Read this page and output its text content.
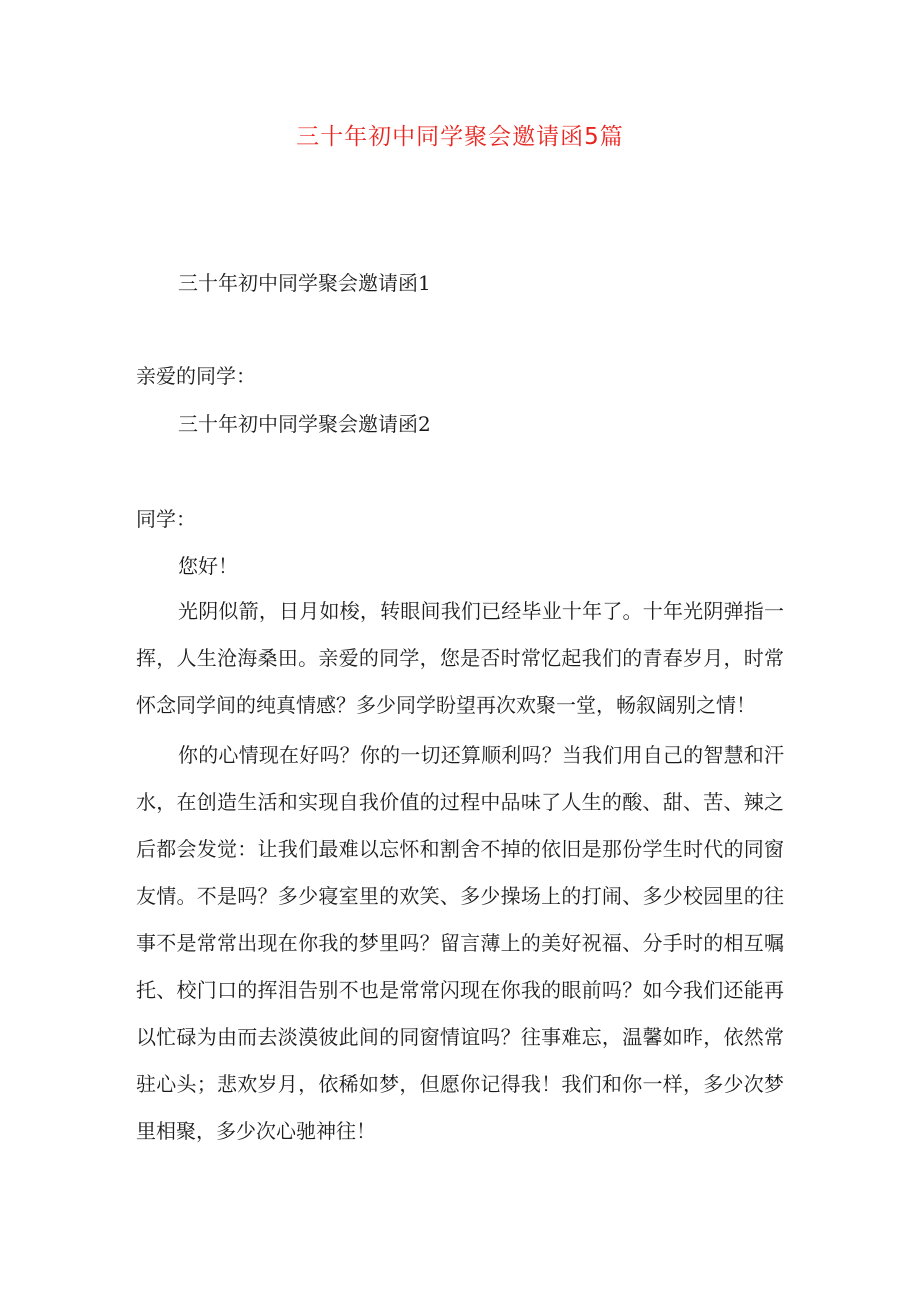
三十年初中同学聚会邀请函5篇
三十年初中同学聚会邀请函1
亲爱的同学：
三十年初中同学聚会邀请函2
同学：
您好！

光阴似箭，日月如梭，转眼间我们已经毕业十年了。十年光阴弹指一挥，人生沧海桑田。亲爱的同学，您是否时常忆起我们的青春岁月，时常怀念同学间的纯真情感？多少同学盼望再次欢聚一堂，畅叙阔别之情！

你的心情现在好吗？你的一切还算顺利吗？当我们用自己的智慧和汗水，在创造生活和实现自我价值的过程中品味了人生的酸、甜、苦、辣之后都会发觉：让我们最难以忘怀和割舍不掉的依旧是那份学生时代的同窗友情。不是吗？多少寝室里的欢笑、多少操场上的打闹、多少校园里的往事不是常常出现在你我的梦里吗？留言薄上的美好祝福、分手时的相互嘱托、校门口的挥泪告别不也是常常闪现在你我的眼前吗？如今我们还能再以忙碌为由而去淡漠彼此间的同窗情谊吗？往事难忘，温馨如昨，依然常驻心头；悲欢岁月，依稀如梦，但愿你记得我！我们和你一样，多少次梦里相聚，多少次心驰神往！
